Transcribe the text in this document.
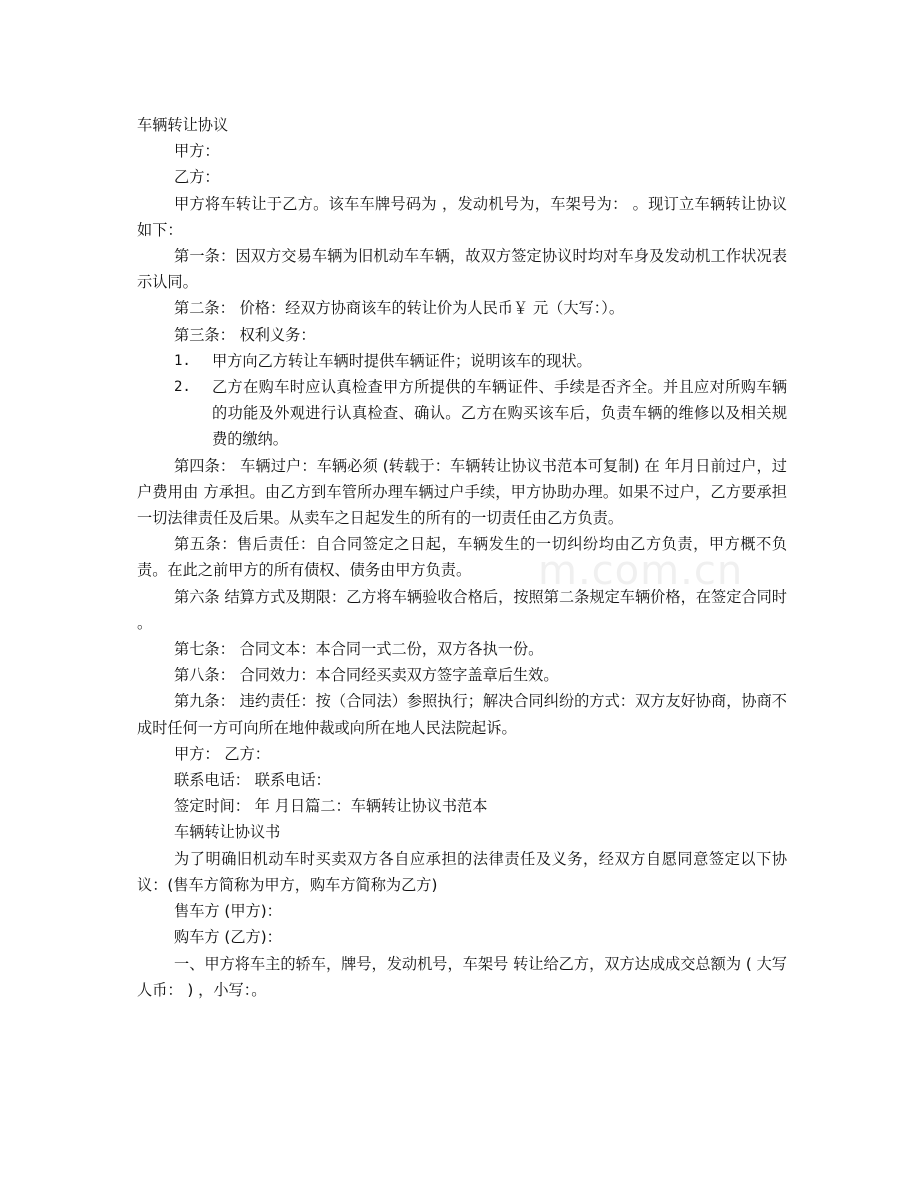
m.com.cn

车辆转让协议

甲方：

乙方：

甲方将车转让于乙方。该车车牌号码为 ，发动机号为，车架号为： 。现订立车辆转让协议如下：

第一条：因双方交易车辆为旧机动车车辆，故双方签定协议时均对车身及发动机工作状况表示认同。

第二条： 价格：经双方协商该车的转让价为人民币￥ 元（大写：）。

第三条： 权利义务：

1.	甲方向乙方转让车辆时提供车辆证件；说明该车的现状。
2.	乙方在购车时应认真检查甲方所提供的车辆证件、手续是否齐全。并且应对所购车辆的功能及外观进行认真检查、确认。乙方在购买该车后，负责车辆的维修以及相关规费的缴纳。

第四条： 车辆过户：车辆必须 (转载于：车辆转让协议书范本可复制) 在 年月日前过户，过户费用由 方承担。由乙方到车管所办理车辆过户手续，甲方协助办理。如果不过户，乙方要承担一切法律责任及后果。从卖车之日起发生的所有的一切责任由乙方负责。

第五条：售后责任：自合同签定之日起，车辆发生的一切纠纷均由乙方负责，甲方概不负责。在此之前甲方的所有债权、债务由甲方负责。

第六条 结算方式及期限：乙方将车辆验收合格后，按照第二条规定车辆价格，在签定合同时 。

第七条： 合同文本：本合同一式二份，双方各执一份。

第八条： 合同效力：本合同经买卖双方签字盖章后生效。

第九条： 违约责任：按（合同法）参照执行；解决合同纠纷的方式：双方友好协商，协商不成时任何一方可向所在地仲裁或向所在地人民法院起诉。

甲方： 乙方：

联系电话： 联系电话：

签定时间： 年 月日篇二：车辆转让协议书范本

车辆转让协议书

为了明确旧机动车时买卖双方各自应承担的法律责任及义务，经双方自愿同意签定以下协议：(售车方简称为甲方，购车方简称为乙方)

售车方 (甲方)：

购车方 (乙方)：

一、甲方将车主的轿车，牌号，发动机号，车架号 转让给乙方，双方达成成交总额为 ( 大写人币： ) ，小写：。
